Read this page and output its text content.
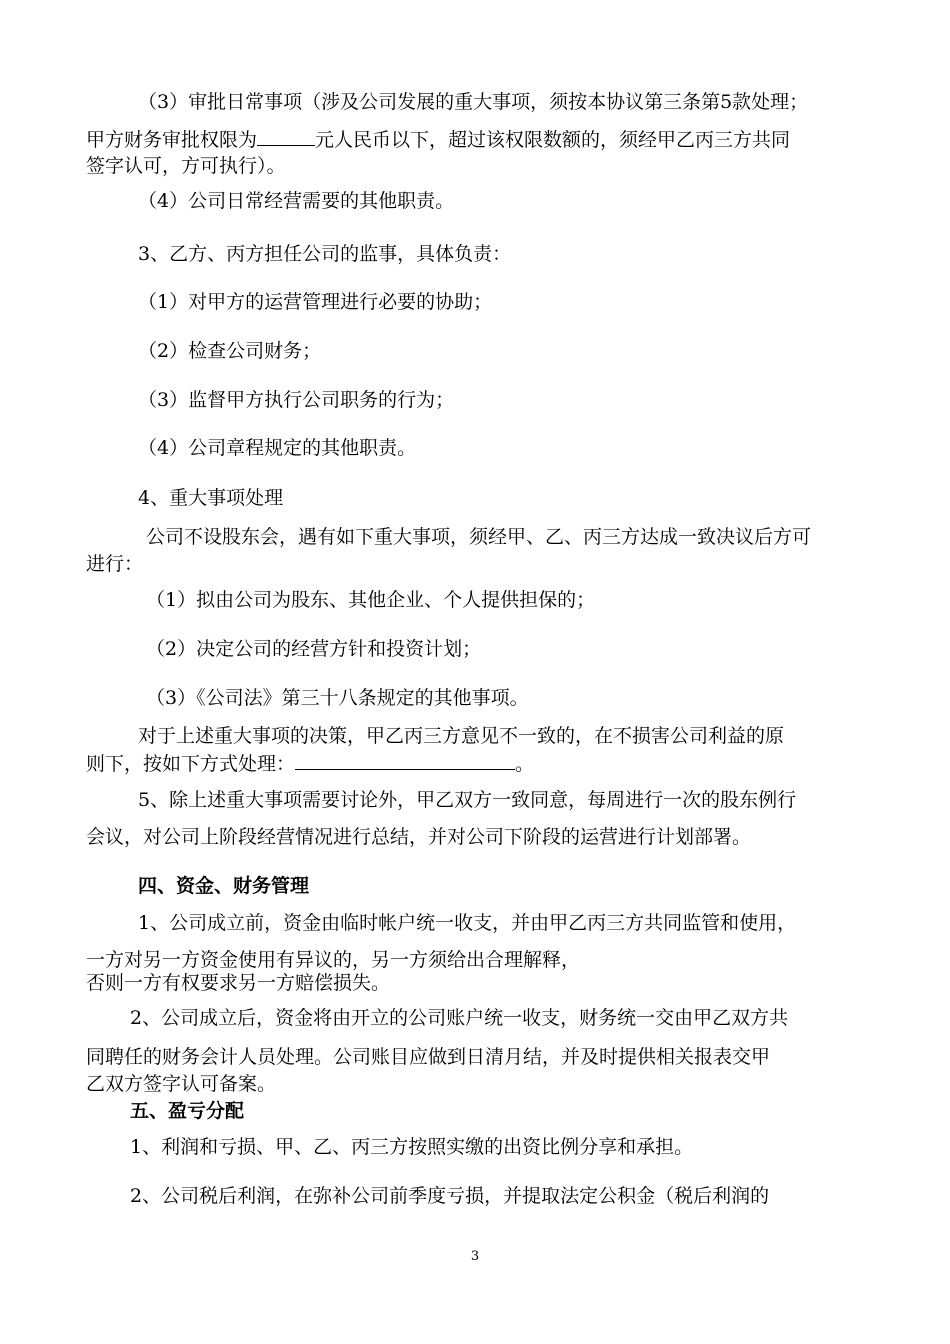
（3）审批日常事项（涉及公司发展的重大事项，须按本协议第三条第5款处理；
甲方财务审批权限为	元人民币以下，超过该权限数额的，须经甲乙丙三方共同
签字认可，方可执行）。
（4）公司日常经营需要的其他职责。
3、乙方、丙方担任公司的监事，具体负责：
（1）对甲方的运营管理进行必要的协助；
（2）检查公司财务；
（3）监督甲方执行公司职务的行为；
（4）公司章程规定的其他职责。
4、重大事项处理
公司不设股东会，遇有如下重大事项，须经甲、乙、丙三方达成一致决议后方可
进行：
（1）拟由公司为股东、其他企业、个人提供担保的；
（2）决定公司的经营方针和投资计划；
（3）《公司法》第三十八条规定的其他事项。
对于上述重大事项的决策，甲乙丙三方意见不一致的，在不损害公司利益的原
则下，按如下方式处理：	。
5、除上述重大事项需要讨论外，甲乙双方一致同意，每周进行一次的股东例行
会议，对公司上阶段经营情况进行总结，并对公司下阶段的运营进行计划部署。
四、资金、财务管理
1、公司成立前，资金由临时帐户统一收支，并由甲乙丙三方共同监管和使用，
一方对另一方资金使用有异议的，另一方须给出合理解释，
否则一方有权要求另一方赔偿损失。
2、公司成立后，资金将由开立的公司账户统一收支，财务统一交由甲乙双方共
同聘任的财务会计人员处理。公司账目应做到日清月结，并及时提供相关报表交甲
乙双方签字认可备案。
五、盈亏分配
1、利润和亏损、甲、乙、丙三方按照实缴的出资比例分享和承担。
2、公司税后利润，在弥补公司前季度亏损，并提取法定公积金（税后利润的
3
